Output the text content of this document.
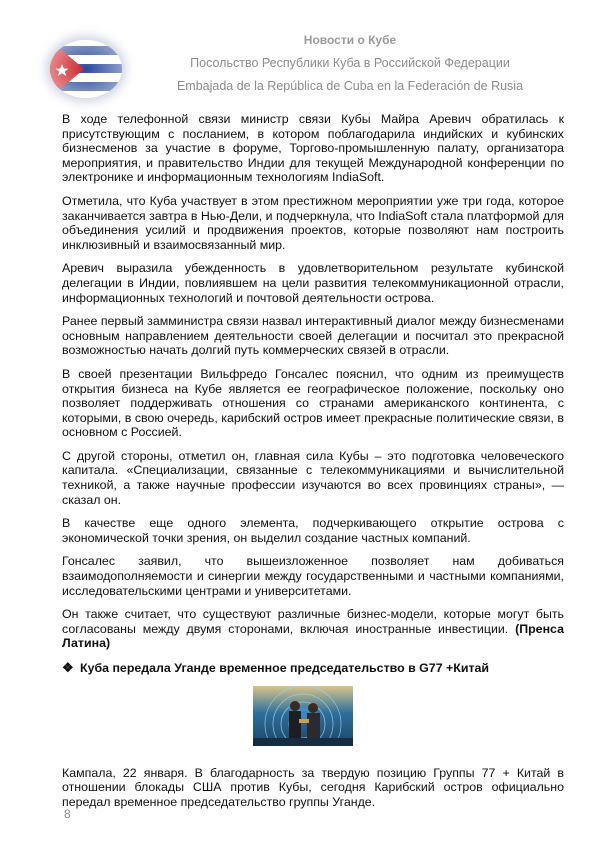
Новости о Кубе
Посольство Республики Куба в Российской Федерации
Embajada de la República de Cuba en la Federación de Rusia

В ходе телефонной связи министр связи Кубы Майра Аревич обратилась к присутствующим с посланием, в котором поблагодарила индийских и кубинских бизнесменов за участие в форуме, Торгово-промышленную палату, организатора мероприятия, и правительство Индии для текущей Международной конференции по электронике и информационным технологиям IndiaSoft.

Отметила, что Куба участвует в этом престижном мероприятии уже три года, которое заканчивается завтра в Нью-Дели, и подчеркнула, что IndiaSoft стала платформой для объединения усилий и продвижения проектов, которые позволяют нам построить инклюзивный и взаимосвязанный мир.

Аревич выразила убежденность в удовлетворительном результате кубинской делегации в Индии, повлиявшем на цели развития телекоммуникационной отрасли, информационных технологий и почтовой деятельности острова.

Ранее первый замминистра связи назвал интерактивный диалог между бизнесменами основным направлением деятельности своей делегации и посчитал это прекрасной возможностью начать долгий путь коммерческих связей в отрасли.

В своей презентации Вильфредо Гонсалес пояснил, что одним из преимуществ открытия бизнеса на Кубе является ее географическое положение, поскольку оно позволяет поддерживать отношения со странами американского континента, с которыми, в свою очередь, карибский остров имеет прекрасные политические связи, в основном с Россией.

С другой стороны, отметил он, главная сила Кубы – это подготовка человеческого капитала. «Специализации, связанные с телекоммуникациями и вычислительной техникой, а также научные профессии изучаются во всех провинциях страны», — сказал он.

В качестве еще одного элемента, подчеркивающего открытие острова с экономической точки зрения, он выделил создание частных компаний.

Гонсалес заявил, что вышеизложенное позволяет нам добиваться взаимодополняемости и синергии между государственными и частными компаниями, исследовательскими центрами и университетами.

Он также считает, что существуют различные бизнес-модели, которые могут быть согласованы между двумя сторонами, включая иностранные инвестиции. (Пренса Латина)

❖ Куба передала Уганде временное председательство в G77 +Китай

Кампала, 22 января. В благодарность за твердую позицию Группы 77 + Китай в отношении блокады США против Кубы, сегодня Карибский остров официально передал временное председательство группы Уганде.

8
